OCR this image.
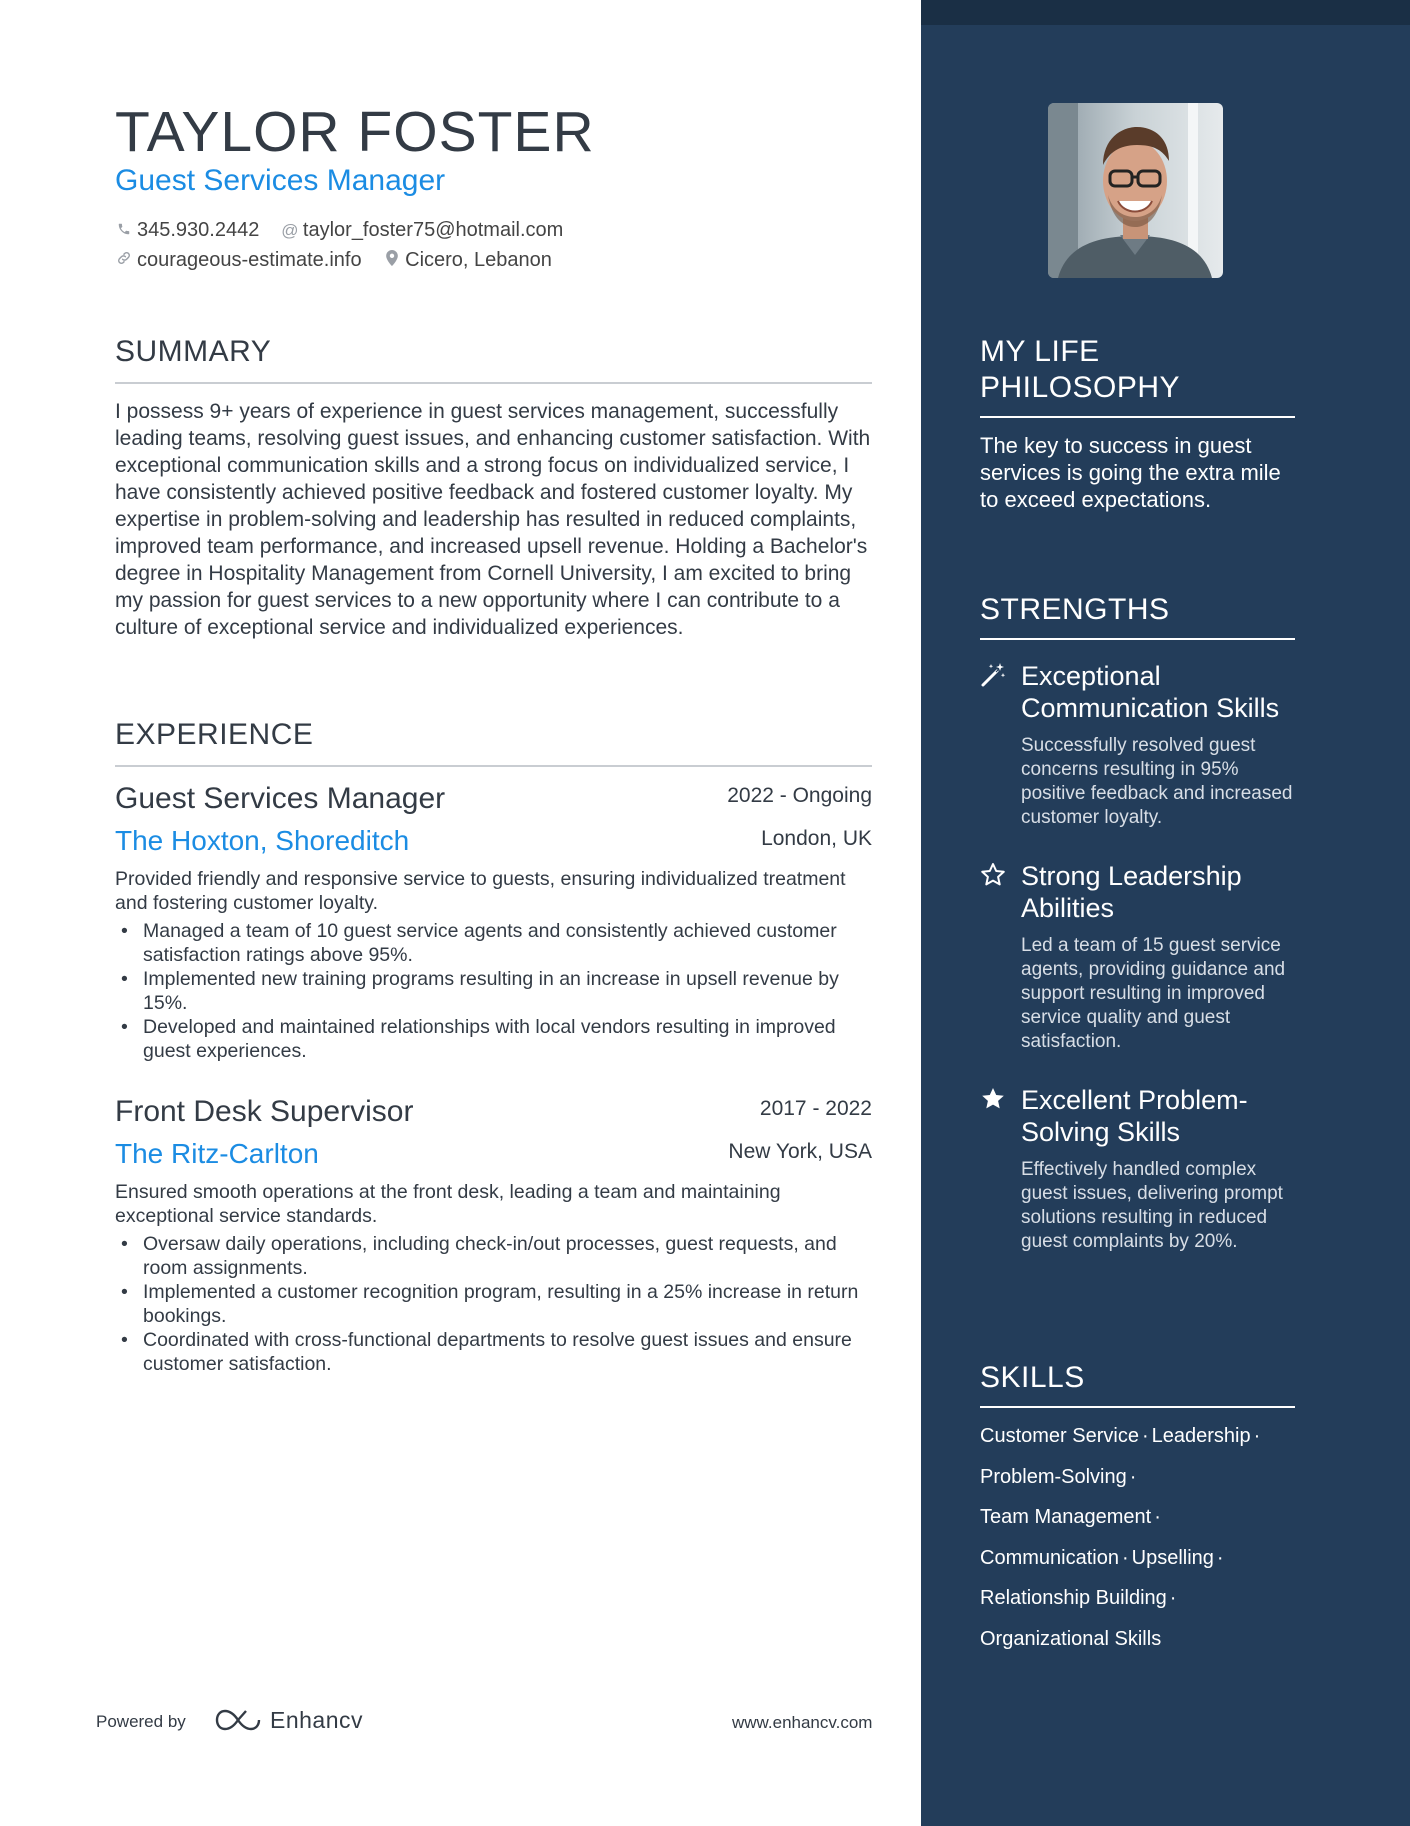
TAYLOR FOSTER
Guest Services Manager
345.930.2442 @ taylor_foster75@hotmail.com
courageous-estimate.info Cicero, Lebanon
SUMMARY

I possess 9+ years of experience in guest services management, successfully leading teams, resolving guest issues, and enhancing customer satisfaction. With exceptional communication skills and a strong focus on individualized service, I have consistently achieved positive feedback and fostered customer loyalty. My expertise in problem-solving and leadership has resulted in reduced complaints, improved team performance, and increased upsell revenue. Holding a Bachelor's degree in Hospitality Management from Cornell University, I am excited to bring my passion for guest services to a new opportunity where I can contribute to a culture of exceptional service and individualized experiences.

EXPERIENCE
Guest Services Manager	2022 - Ongoing
The Hoxton, Shoreditch	London, UK

Provided friendly and responsive service to guests, ensuring individualized treatment and fostering customer loyalty.

• Managed a team of 10 guest service agents and consistently achieved customer satisfaction ratings above 95%.
• Implemented new training programs resulting in an increase in upsell revenue by 15%.
• Developed and maintained relationships with local vendors resulting in improved guest experiences.
Front Desk Supervisor	2017 - 2022
The Ritz-Carlton	New York, USA

Ensured smooth operations at the front desk, leading a team and maintaining exceptional service standards.

• Oversaw daily operations, including check-in/out processes, guest requests, and room assignments.
• Implemented a customer recognition program, resulting in a 25% increase in return bookings.
• Coordinated with cross-functional departments to resolve guest issues and ensure customer satisfaction.
Powered by	Enhancv	www.enhancv.com
MY LIFE PHILOSOPHY

The key to success in guest services is going the extra mile to exceed expectations.

STRENGTHS
Exceptional Communication Skills
Successfully resolved guest concerns resulting in 95% positive feedback and increased customer loyalty.
Strong Leadership Abilities
Led a team of 15 guest service agents, providing guidance and support resulting in improved service quality and guest satisfaction.
Excellent Problem-Solving Skills
Effectively handled complex guest issues, delivering prompt solutions resulting in reduced guest complaints by 20%.
SKILLS
Customer Service · Leadership ·
Problem-Solving ·
Team Management ·
Communication · Upselling ·
Relationship Building ·
Organizational Skills
